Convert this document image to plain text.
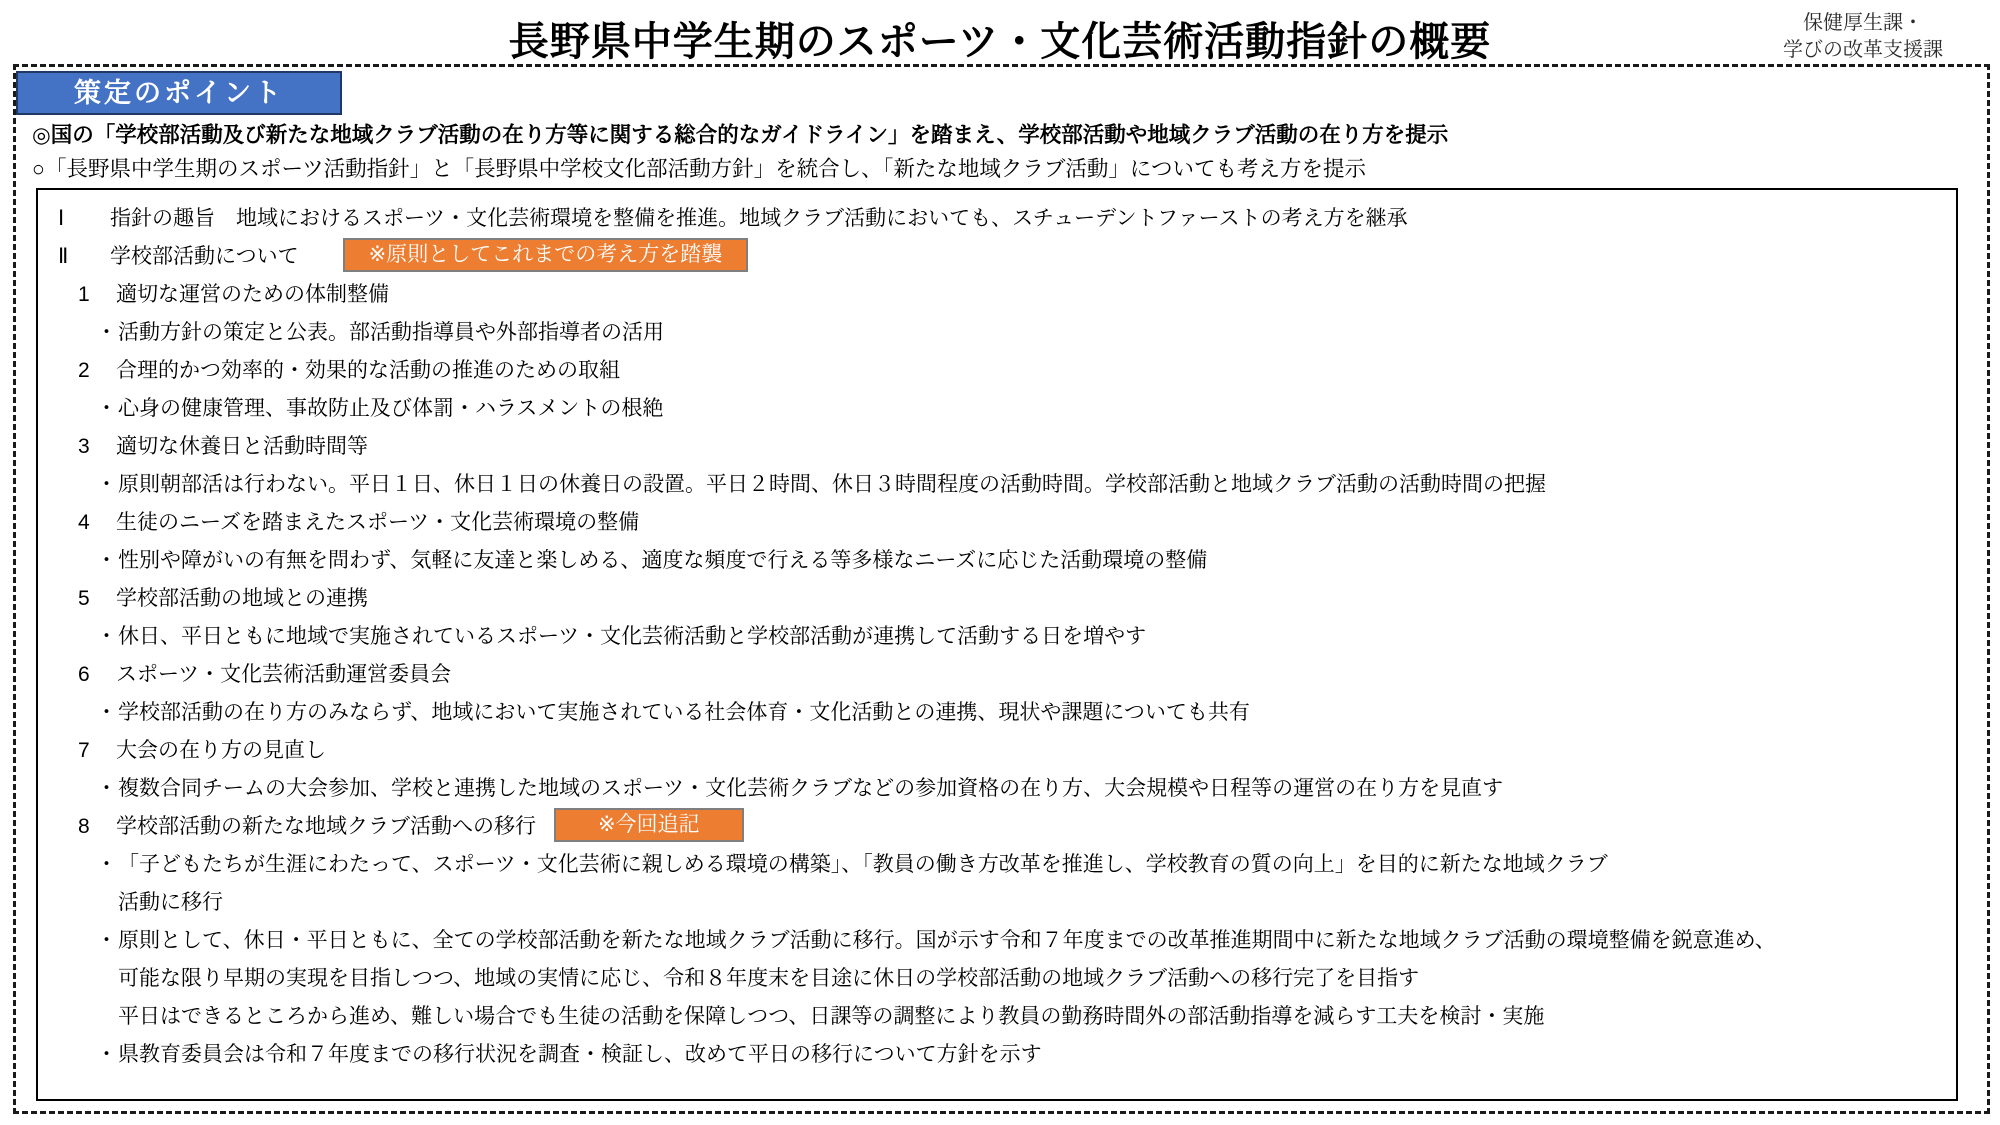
長野県中学生期のスポーツ・文化芸術活動指針の概要	保健厚生課・
学びの改革支援課
策定のポイント
◎国の「学校部活動及び新たな地域クラブ活動の在り方等に関する総合的なガイドライン」を踏まえ、学校部活動や地域クラブ活動の在り方を提示
○「長野県中学生期のスポーツ活動指針」と「長野県中学校文化部活動方針」を統合し、「新たな地域クラブ活動」についても考え方を提示
Ⅰ 指針の趣旨　地域におけるスポーツ・文化芸術環境を整備を推進。地域クラブ活動においても、スチューデントファーストの考え方を継承
Ⅱ 学校部活動について	※原則としてこれまでの考え方を踏襲
1 適切な運営のための体制整備
・活動方針の策定と公表。部活動指導員や外部指導者の活用
2 合理的かつ効率的・効果的な活動の推進のための取組
・心身の健康管理、事故防止及び体罰・ハラスメントの根絶
3 適切な休養日と活動時間等
・原則朝部活は行わない。平日１日、休日１日の休養日の設置。平日２時間、休日３時間程度の活動時間。学校部活動と地域クラブ活動の活動時間の把握
4 生徒のニーズを踏まえたスポーツ・文化芸術環境の整備
・性別や障がいの有無を問わず、気軽に友達と楽しめる、適度な頻度で行える等多様なニーズに応じた活動環境の整備
5 学校部活動の地域との連携
・休日、平日ともに地域で実施されているスポーツ・文化芸術活動と学校部活動が連携して活動する日を増やす
6 スポーツ・文化芸術活動運営委員会
・学校部活動の在り方のみならず、地域において実施されている社会体育・文化活動との連携、現状や課題についても共有
7 大会の在り方の見直し
・複数合同チームの大会参加、学校と連携した地域のスポーツ・文化芸術クラブなどの参加資格の在り方、大会規模や日程等の運営の在り方を見直す
8 学校部活動の新たな地域クラブ活動への移行	※今回追記
・「子どもたちが生涯にわたって、スポーツ・文化芸術に親しめる環境の構築」、「教員の働き方改革を推進し、学校教育の質の向上」を目的に新たな地域クラブ
活動に移行
・原則として、休日・平日ともに、全ての学校部活動を新たな地域クラブ活動に移行。国が示す令和７年度までの改革推進期間中に新たな地域クラブ活動の環境整備を鋭意進め、
可能な限り早期の実現を目指しつつ、地域の実情に応じ、令和８年度末を目途に休日の学校部活動の地域クラブ活動への移行完了を目指す
平日はできるところから進め、難しい場合でも生徒の活動を保障しつつ、日課等の調整により教員の勤務時間外の部活動指導を減らす工夫を検討・実施
・県教育委員会は令和７年度までの移行状況を調査・検証し、改めて平日の移行について方針を示す
